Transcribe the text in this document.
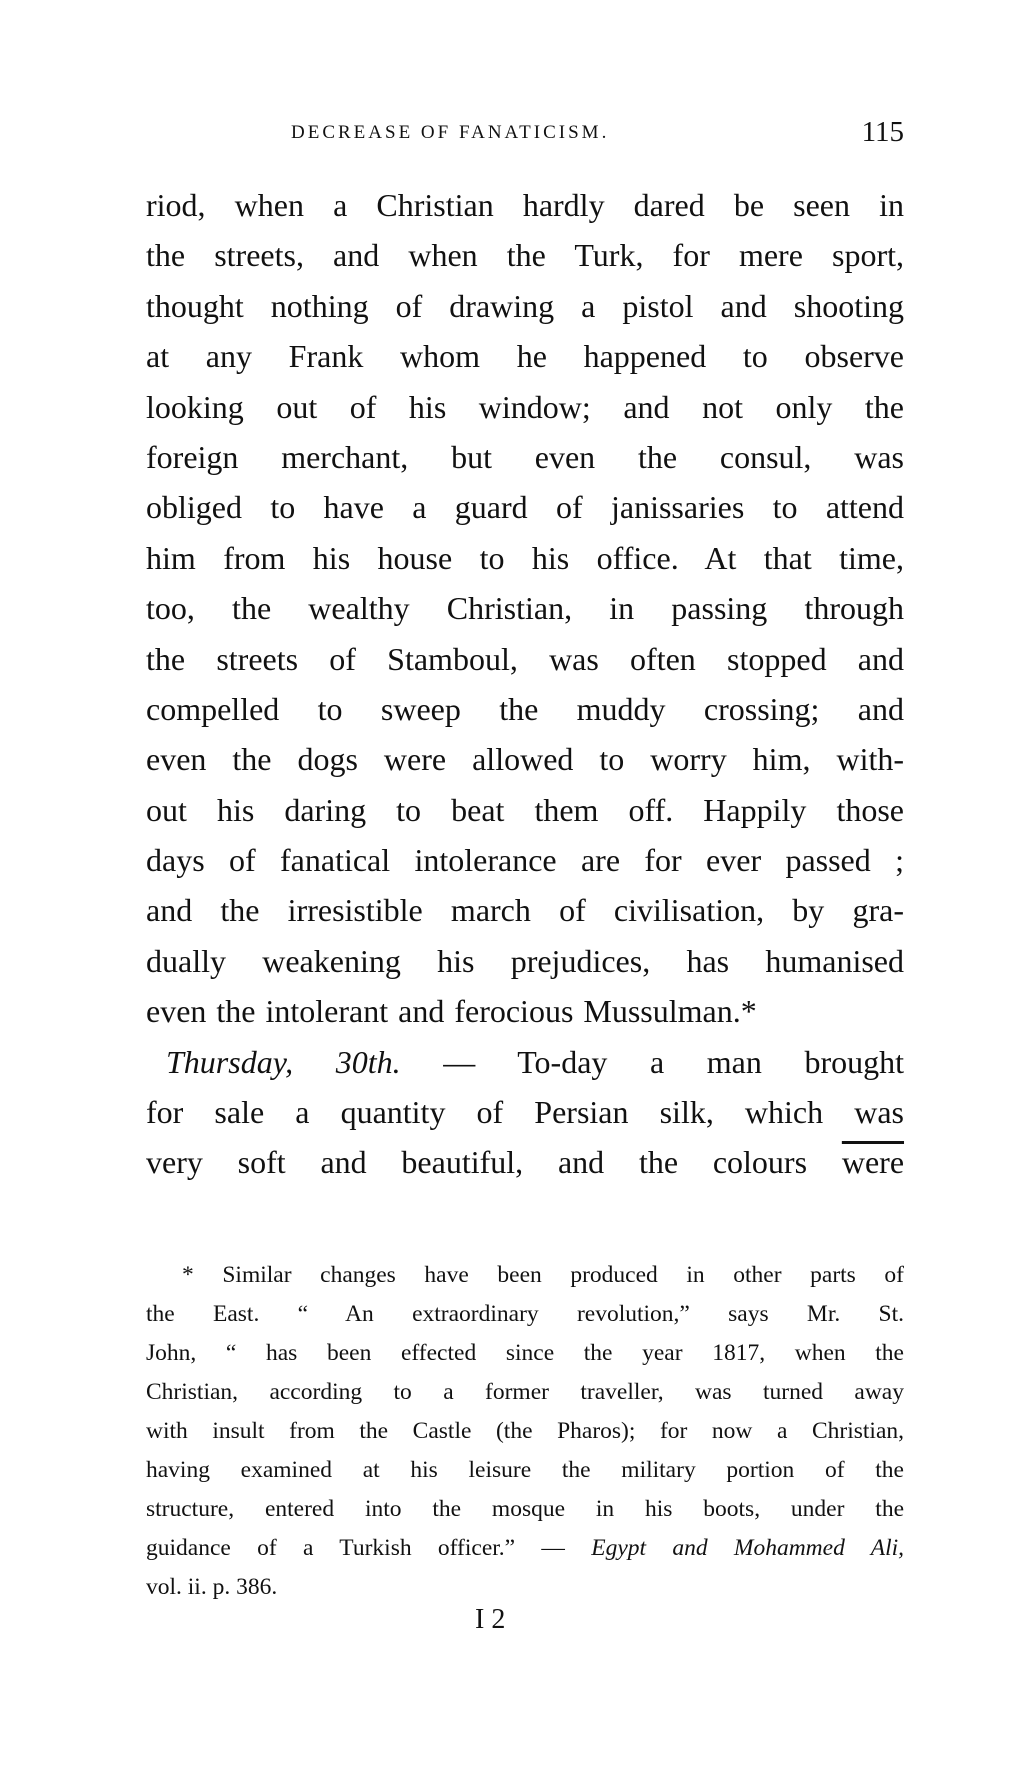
DECREASE OF FANATICISM.	115
riod, when a Christian hardly dared be seen in
the streets, and when the Turk, for mere sport,
thought nothing of drawing a pistol and shooting
at any Frank whom he happened to observe
looking out of his window; and not only the
foreign merchant, but even the consul, was
obliged to have a guard of janissaries to attend
him from his house to his office. At that time,
too, the wealthy Christian, in passing through
the streets of Stamboul, was often stopped and
compelled to sweep the muddy crossing; and
even the dogs were allowed to worry him, with-
out his daring to beat them off. Happily those
days of fanatical intolerance are for ever passed ;
and the irresistible march of civilisation, by gra-
dually weakening his prejudices, has humanised
even the intolerant and ferocious Mussulman.*
Thursday, 30th. — To-day a man brought
for sale a quantity of Persian silk, which was
very soft and beautiful, and the colours were
* Similar changes have been produced in other parts of
the East. “ An extraordinary revolution,” says Mr. St.
John, “ has been effected since the year 1817, when the
Christian, according to a former traveller, was turned away
with insult from the Castle (the Pharos); for now a Christian,
having examined at his leisure the military portion of the
structure, entered into the mosque in his boots, under the
guidance of a Turkish officer.” — Egypt and Mohammed Ali,
vol. ii. p. 386.
I 2
